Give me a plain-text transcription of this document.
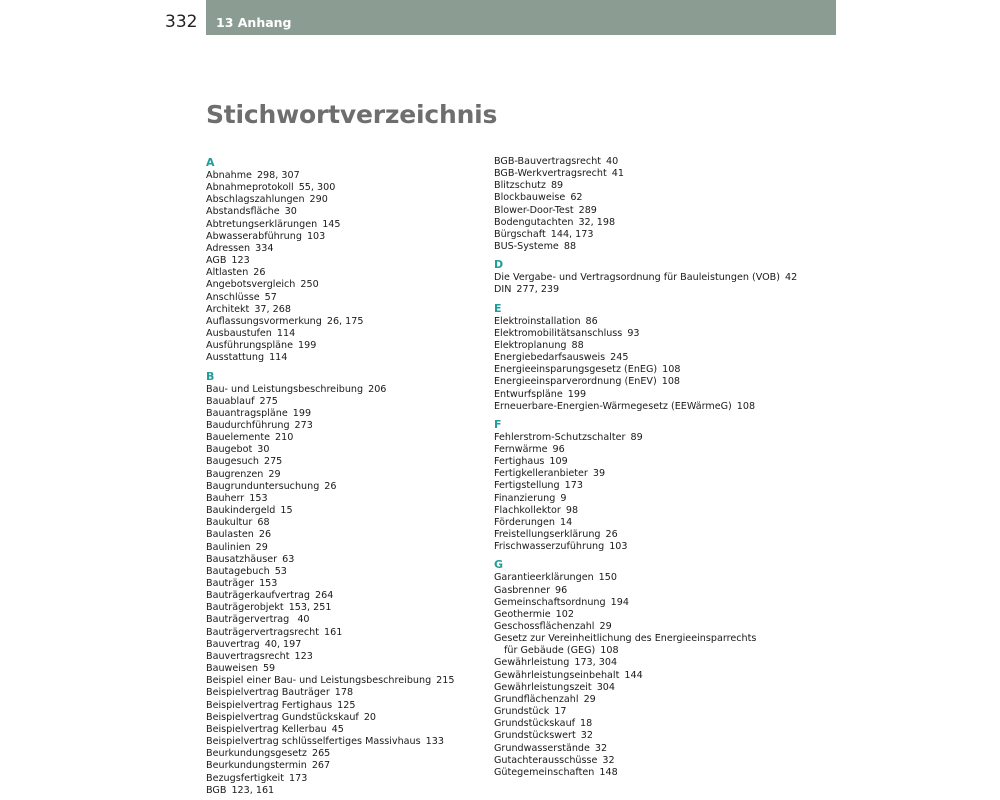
332 13 Anhang
Stichwortverzeichnis
A
Abnahme 298, 307
Abnahmeprotokoll 55, 300
Abschlagszahlungen 290
Abstandsfläche 30
Abtretungserklärungen 145
Abwasserabführung 103
Adressen 334
AGB 123
Altlasten 26
Angebotsvergleich 250
Anschlüsse 57
Architekt 37, 268
Auflassungsvormerkung 26, 175
Ausbaustufen 114
Ausführungspläne 199
Ausstattung 114
B
Bau- und Leistungsbeschreibung 206
Bauablauf 275
Bauantragspläne 199
Baudurchführung 273
Bauelemente 210
Baugebot 30
Baugesuch 275
Baugrenzen 29
Baugrunduntersuchung 26
Bauherr 153
Baukindergeld 15
Baukultur 68
Baulasten 26
Baulinien 29
Bausatzhäuser 63
Bautagebuch 53
Bauträger 153
Bauträgerkaufvertrag 264
Bauträgerobjekt 153, 251
Bauträgervertrag 40
Bauträgervertragsrecht 161
Bauvertrag 40, 197
Bauvertragsrecht 123
Bauweisen 59
Beispiel einer Bau- und Leistungsbeschreibung 215
Beispielvertrag Bauträger 178
Beispielvertrag Fertighaus 125
Beispielvertrag Gundstückskauf 20
Beispielvertrag Kellerbau 45
Beispielvertrag schlüsselfertiges Massivhaus 133
Beurkundungsgesetz 265
Beurkundungstermin 267
Bezugsfertigkeit 173
BGB 123, 161
BGB-Bauvertragsrecht 40
BGB-Werkvertragsrecht 41
Blitzschutz 89
Blockbauweise 62
Blower-Door-Test 289
Bodengutachten 32, 198
Bürgschaft 144, 173
BUS-Systeme 88
D
Die Vergabe- und Vertragsordnung für Bauleistungen (VOB) 42
DIN 277, 239
E
Elektroinstallation 86
Elektromobilitätsanschluss 93
Elektroplanung 88
Energiebedarfsausweis 245
Energieeinsparungsgesetz (EnEG) 108
Energieeinsparverordnung (EnEV) 108
Entwurfspläne 199
Erneuerbare-Energien-Wärmegesetz (EEWärmeG) 108
F
Fehlerstrom-Schutzschalter 89
Fernwärme 96
Fertighaus 109
Fertigkelleranbieter 39
Fertigstellung 173
Finanzierung 9
Flachkollektor 98
Förderungen 14
Freistellungserklärung 26
Frischwasserzuführung 103
G
Garantieerklärungen 150
Gasbrenner 96
Gemeinschaftsordnung 194
Geothermie 102
Geschossflächenzahl 29
Gesetz zur Vereinheitlichung des Energieeinsparrechts
für Gebäude (GEG) 108
Gewährleistung 173, 304
Gewährleistungseinbehalt 144
Gewährleistungszeit 304
Grundflächenzahl 29
Grundstück 17
Grundstückskauf 18
Grundstückswert 32
Grundwasserstände 32
Gutachterausschüsse 32
Gütegemeinschaften 148
